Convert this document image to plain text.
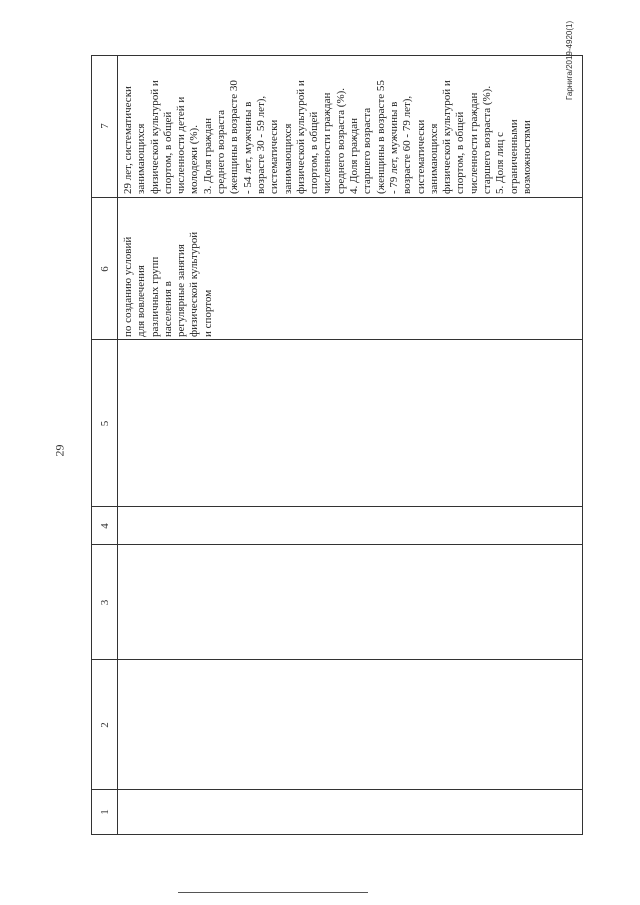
29
Гарнига/2019-4920(1)
1
2
3
4
5
6
7

по созданию условий для вовлечения различных групп населения в регулярные занятия физической культурой и спортом

29 лет, систематически занимающихся физической культурой и спортом, в общей численности детей и молодежи (%). 3. Доля граждан среднего возраста (женщины в возрасте 30 - 54 лет, мужчины в возрасте 30 - 59 лет), систематически занимающихся физической культурой и спортом, в общей численности граждан среднего возраста (%). 4. Доля граждан старшего возраста (женщины в возрасте 55 - 79 лет, мужчины в возрасте 60 - 79 лет), систематически занимающихся физической культурой и спортом, в общей численности граждан старшего возраста (%). 5. Доля лиц с ограниченными возможностями
